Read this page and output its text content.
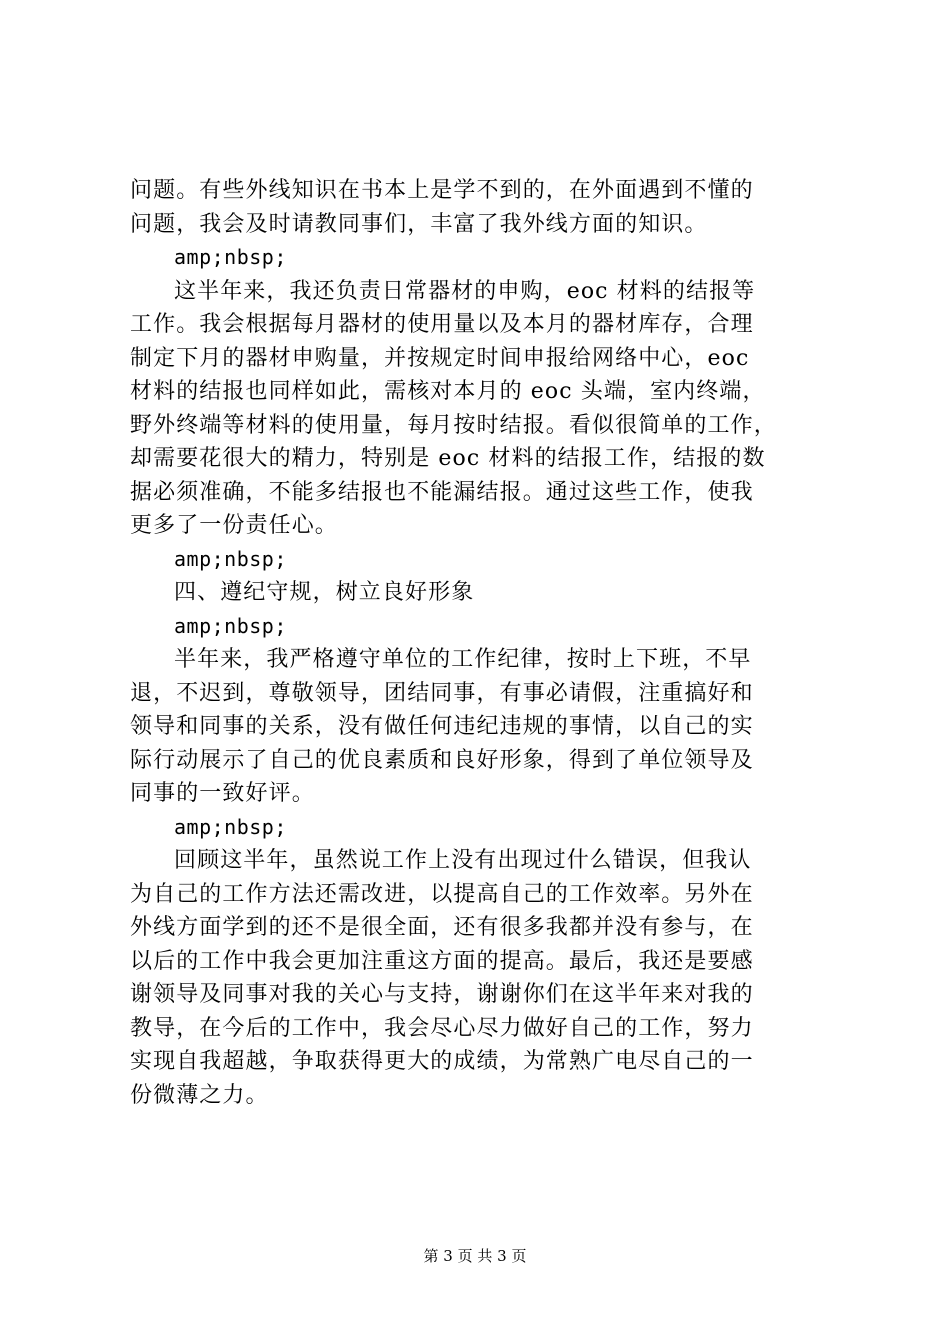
问题。有些外线知识在书本上是学不到的，在外面遇到不懂的
问题，我会及时请教同事们，丰富了我外线方面的知识。
amp;nbsp;
这半年来，我还负责日常器材的申购，eoc 材料的结报等
工作。我会根据每月器材的使用量以及本月的器材库存，合理
制定下月的器材申购量，并按规定时间申报给网络中心，eoc
材料的结报也同样如此，需核对本月的 eoc 头端，室内终端，
野外终端等材料的使用量，每月按时结报。看似很简单的工作，
却需要花很大的精力，特别是 eoc 材料的结报工作，结报的数
据必须准确，不能多结报也不能漏结报。通过这些工作，使我
更多了一份责任心。
amp;nbsp;
四、遵纪守规，树立良好形象
amp;nbsp;
半年来，我严格遵守单位的工作纪律，按时上下班，不早
退，不迟到，尊敬领导，团结同事，有事必请假，注重搞好和
领导和同事的关系，没有做任何违纪违规的事情，以自己的实
际行动展示了自己的优良素质和良好形象，得到了单位领导及
同事的一致好评。
amp;nbsp;
回顾这半年，虽然说工作上没有出现过什么错误，但我认
为自己的工作方法还需改进，以提高自己的工作效率。另外在
外线方面学到的还不是很全面，还有很多我都并没有参与，在
以后的工作中我会更加注重这方面的提高。最后，我还是要感
谢领导及同事对我的关心与支持，谢谢你们在这半年来对我的
教导，在今后的工作中，我会尽心尽力做好自己的工作，努力
实现自我超越，争取获得更大的成绩，为常熟广电尽自己的一
份微薄之力。
第 3 页 共 3 页
